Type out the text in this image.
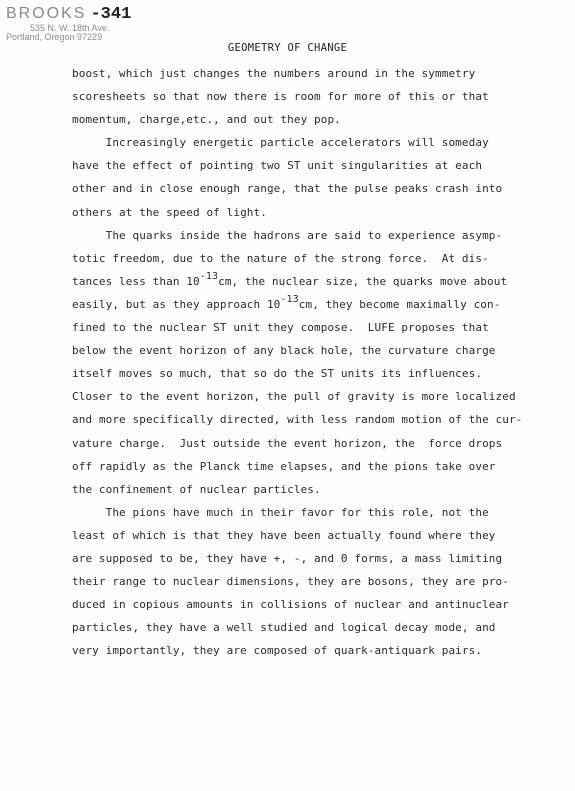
BROOKS -341
535 N. W. 18th Ave.
Portland, Oregon 97229
GEOMETRY OF CHANGE
boost, which just changes the numbers around in the symmetry
scoresheets so that now there is room for more of this or that
momentum, charge,etc., and out they pop.
Increasingly energetic particle accelerators will someday
have the effect of pointing two ST unit singularities at each
other and in close enough range, that the pulse peaks crash into
others at the speed of light.
The quarks inside the hadrons are said to experience asymp-
totic freedom, due to the nature of the strong force.  At dis-
tances less than 10-13cm, the nuclear size, the quarks move about
easily, but as they approach 10-13cm, they become maximally con-
fined to the nuclear ST unit they compose.  LUFE proposes that
below the event horizon of any black hole, the curvature charge
itself moves so much, that so do the ST units its influences.
Closer to the event horizon, the pull of gravity is more localized
and more specifically directed, with less random motion of the cur-
vature charge.  Just outside the event horizon, the  force drops
off rapidly as the Planck time elapses, and the pions take over
the confinement of nuclear particles.
The pions have much in their favor for this role, not the
least of which is that they have been actually found where they
are supposed to be, they have +, -, and 0 forms, a mass limiting
their range to nuclear dimensions, they are bosons, they are pro-
duced in copious amounts in collisions of nuclear and antinuclear
particles, they have a well studied and logical decay mode, and
very importantly, they are composed of quark-antiquark pairs.
